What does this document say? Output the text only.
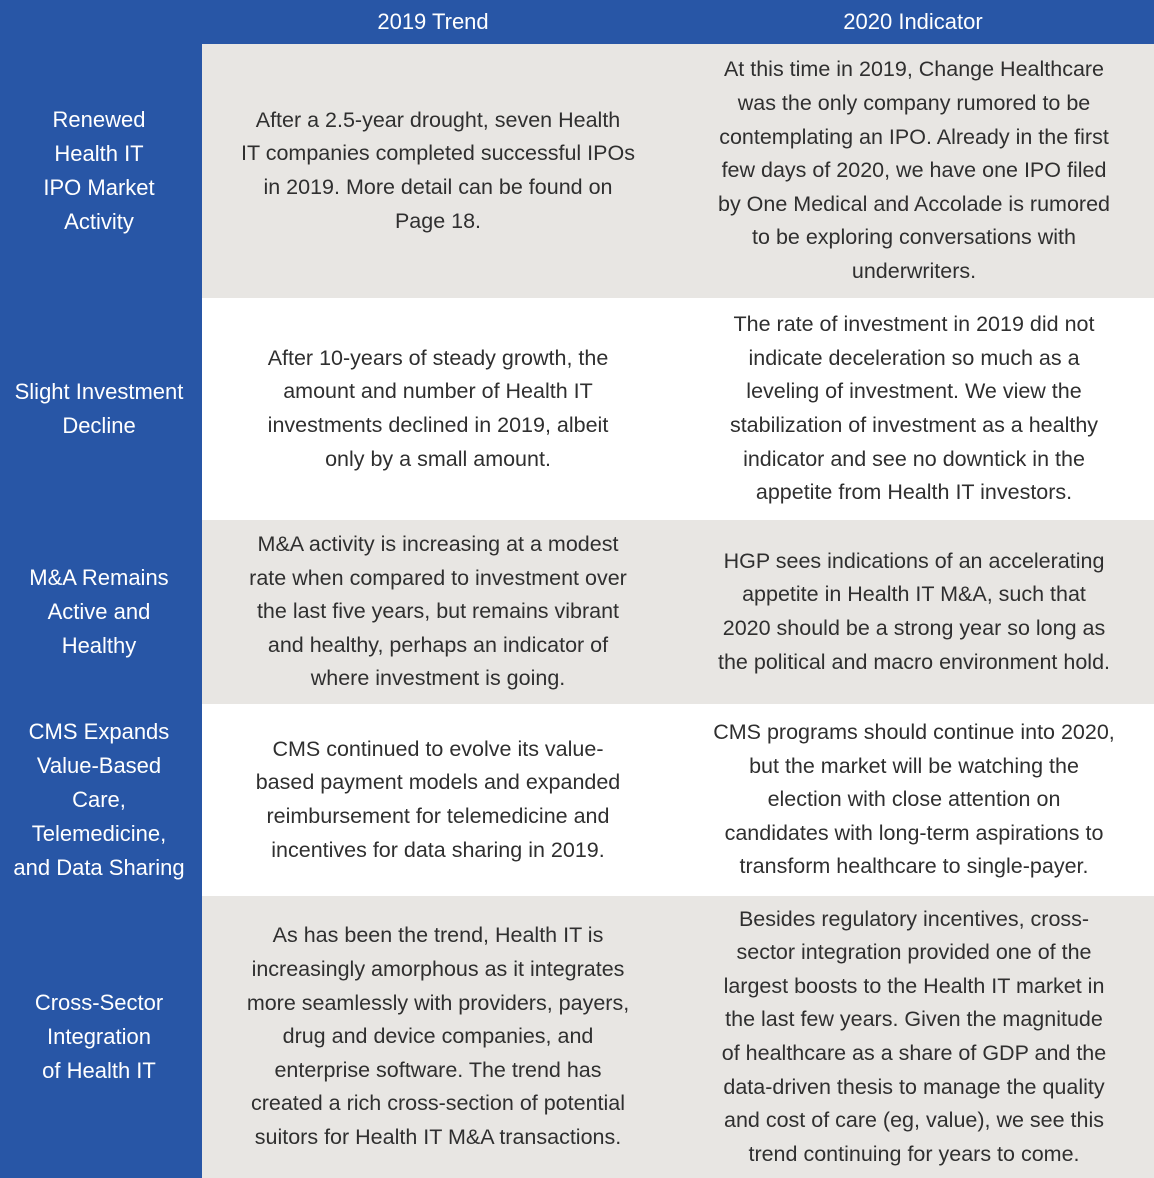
2019 Trend	2020 Indicator
Renewed
Health IT
IPO Market
Activity
After a 2.5-year drought, seven Health
IT companies completed successful IPOs
in 2019. More detail can be found on
Page 18.
At this time in 2019, Change Healthcare
was the only company rumored to be
contemplating an IPO. Already in the first
few days of 2020, we have one IPO filed
by One Medical and Accolade is rumored
to be exploring conversations with
underwriters.
Slight Investment
Decline
After 10-years of steady growth, the
amount and number of Health IT
investments declined in 2019, albeit
only by a small amount.
The rate of investment in 2019 did not
indicate deceleration so much as a
leveling of investment. We view the
stabilization of investment as a healthy
indicator and see no downtick in the
appetite from Health IT investors.
M&A Remains
Active and
Healthy
M&A activity is increasing at a modest
rate when compared to investment over
the last five years, but remains vibrant
and healthy, perhaps an indicator of
where investment is going.
HGP sees indications of an accelerating
appetite in Health IT M&A, such that
2020 should be a strong year so long as
the political and macro environment hold.
CMS Expands
Value-Based
Care,
Telemedicine,
and Data Sharing
CMS continued to evolve its value-
based payment models and expanded
reimbursement for telemedicine and
incentives for data sharing in 2019.
CMS programs should continue into 2020,
but the market will be watching the
election with close attention on
candidates with long-term aspirations to
transform healthcare to single-payer.
Cross-Sector
Integration
of Health IT
As has been the trend, Health IT is
increasingly amorphous as it integrates
more seamlessly with providers, payers,
drug and device companies, and
enterprise software. The trend has
created a rich cross-section of potential
suitors for Health IT M&A transactions.
Besides regulatory incentives, cross-
sector integration provided one of the
largest boosts to the Health IT market in
the last few years. Given the magnitude
of healthcare as a share of GDP and the
data-driven thesis to manage the quality
and cost of care (eg, value), we see this
trend continuing for years to come.
